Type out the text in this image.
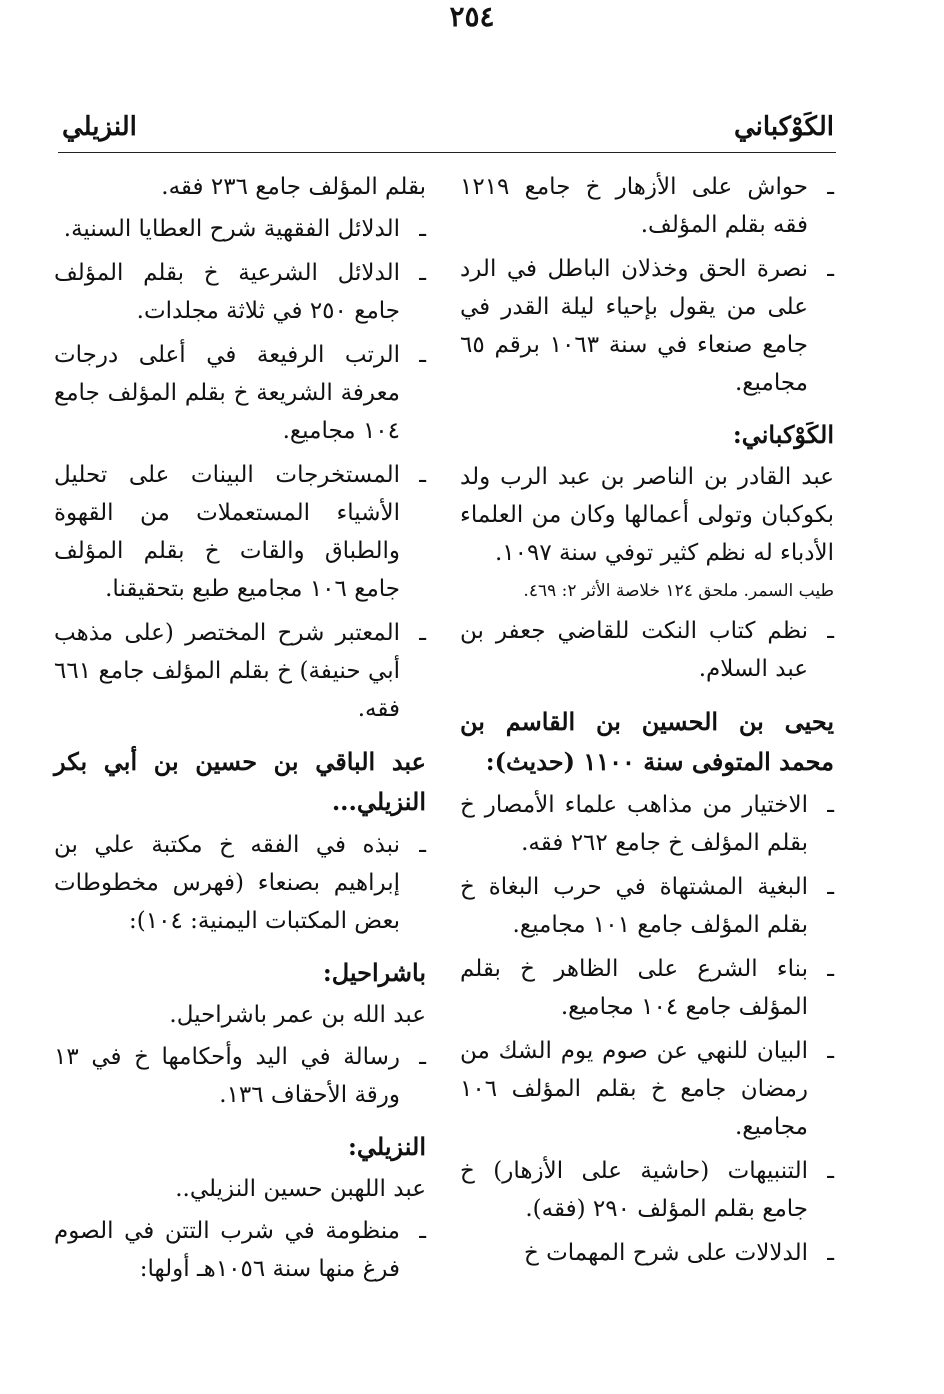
الكَوْكباني
٢٥٤
النزيلي
ـ
حواش على الأزهار خ جامع ١٢١٩ فقه بقلم المؤلف.
ـ
نصرة الحق وخذلان الباطل في الرد على من يقول بإحياء ليلة القدر في جامع صنعاء في سنة ١٠٦٣ برقم ٦٥ مجاميع.
الكَوْكباني:
عبد القادر بن الناصر بن عبد الرب ولد بكوكبان وتولى أعمالها وكان من العلماء الأدباء له نظم كثير توفي سنة ١٠٩٧.
طيب السمر. ملحق ١٢٤ خلاصة الأثر ٢: ٤٦٩.
ـ
نظم كتاب النكت للقاضي جعفر بن عبد السلام.
يحيى بن الحسين بن القاسم بن محمد المتوفى سنة ١١٠٠ (حديث):
ـ
الاختيار من مذاهب علماء الأمصار خ بقلم المؤلف خ جامع ٢٦٢ فقه.
ـ
البغية المشتهاة في حرب البغاة خ بقلم المؤلف جامع ١٠١ مجاميع.
ـ
بناء الشرع على الظاهر خ بقلم المؤلف جامع ١٠٤ مجاميع.
ـ
البيان للنهي عن صوم يوم الشك من رمضان جامع خ بقلم المؤلف ١٠٦ مجاميع.
ـ
التنبيهات (حاشية على الأزهار) خ جامع بقلم المؤلف ٢٩٠ (فقه).
ـ
الدلالات على شرح المهمات خ
بقلم المؤلف جامع ٢٣٦ فقه.
ـ
الدلائل الفقهية شرح العطايا السنية.
ـ
الدلائل الشرعية خ بقلم المؤلف جامع ٢٥٠ في ثلاثة مجلدات.
ـ
الرتب الرفيعة في أعلى درجات معرفة الشريعة خ بقلم المؤلف جامع ١٠٤ مجاميع.
ـ
المستخرجات البينات على تحليل الأشياء المستعملات من القهوة والطباق والقات خ بقلم المؤلف جامع ١٠٦ مجاميع طبع بتحقيقنا.
ـ
المعتبر شرح المختصر (على مذهب أبي حنيفة) خ بقلم المؤلف جامع ٦٦١ فقه.
عبد الباقي بن حسين بن أبي بكر النزيلي...
ـ
نبذه في الفقه خ مكتبة علي بن إبراهيم بصنعاء (فهرس مخطوطات بعض المكتبات اليمنية: ١٠٤):
باشراحيل:
عبد الله بن عمر باشراحيل.
ـ
رسالة في اليد وأحكامها خ في ١٣ ورقة الأحقاف ١٣٦.
النزيلي:
عبد اللهبن حسين النزيلي..
ـ
منظومة في شرب التتن في الصوم فرغ منها سنة ١٠٥٦هـ أولها:
